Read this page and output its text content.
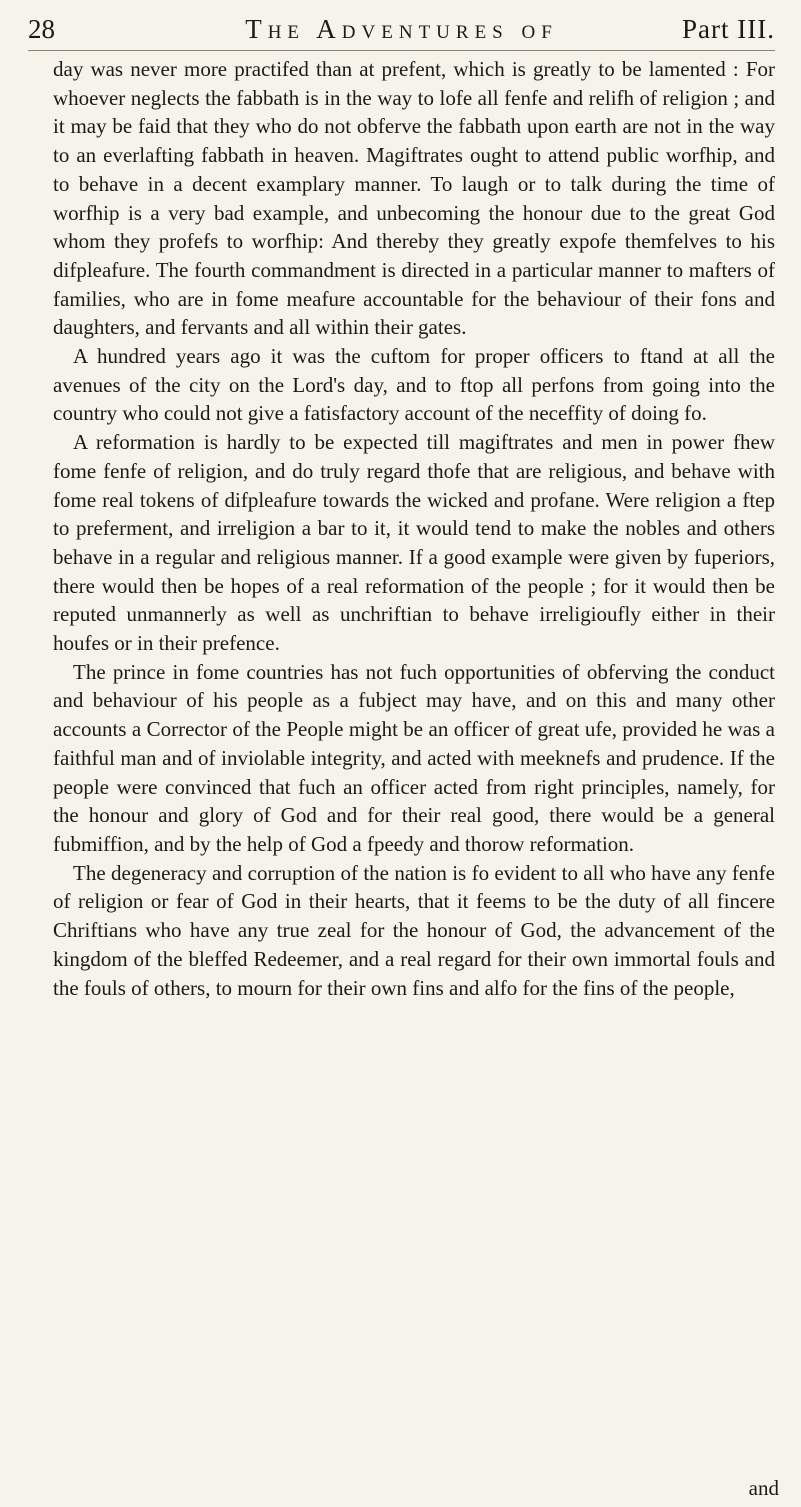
28	The Adventures of	Part III.

day was never more practifed than at prefent, which is greatly to be lamented : For whoever neglects the fabbath is in the way to lofe all fenfe and relifh of religion ; and it may be faid that they who do not obferve the fabbath upon earth are not in the way to an everlafting fabbath in heaven. Magiftrates ought to attend public worfhip, and to behave in a decent examplary manner. To laugh or to talk during the time of worfhip is a very bad example, and unbecoming the honour due to the great God whom they profefs to worfhip: And thereby they greatly expofe themfelves to his difpleafure. The fourth commandment is directed in a particular manner to mafters of families, who are in fome meafure accountable for the behaviour of their fons and daughters, and fervants and all within their gates.

A hundred years ago it was the cuftom for proper officers to ftand at all the avenues of the city on the Lord's day, and to ftop all perfons from going into the country who could not give a fatisfactory account of the neceffity of doing fo.

A reformation is hardly to be expected till magiftrates and men in power fhew fome fenfe of religion, and do truly regard thofe that are religious, and behave with fome real tokens of difpleafure towards the wicked and profane. Were religion a ftep to preferment, and irreligion a bar to it, it would tend to make the nobles and others behave in a regular and religious manner. If a good example were given by fuperiors, there would then be hopes of a real reformation of the people ; for it would then be reputed unmannerly as well as unchriftian to behave irreligioufly either in their houfes or in their prefence.

The prince in fome countries has not fuch opportunities of obferving the conduct and behaviour of his people as a fubject may have, and on this and many other accounts a Corrector of the People might be an officer of great ufe, provided he was a faithful man and of inviolable integrity, and acted with meeknefs and prudence. If the people were convinced that fuch an officer acted from right principles, namely, for the honour and glory of God and for their real good, there would be a general fubmiffion, and by the help of God a fpeedy and thorow reformation.

The degeneracy and corruption of the nation is fo evident to all who have any fenfe of religion or fear of God in their hearts, that it feems to be the duty of all fincere Chriftians who have any true zeal for the honour of God, the advancement of the kingdom of the bleffed Redeemer, and a real regard for their own immortal fouls and the fouls of others, to mourn for their own fins and alfo for the fins of the people,

and
